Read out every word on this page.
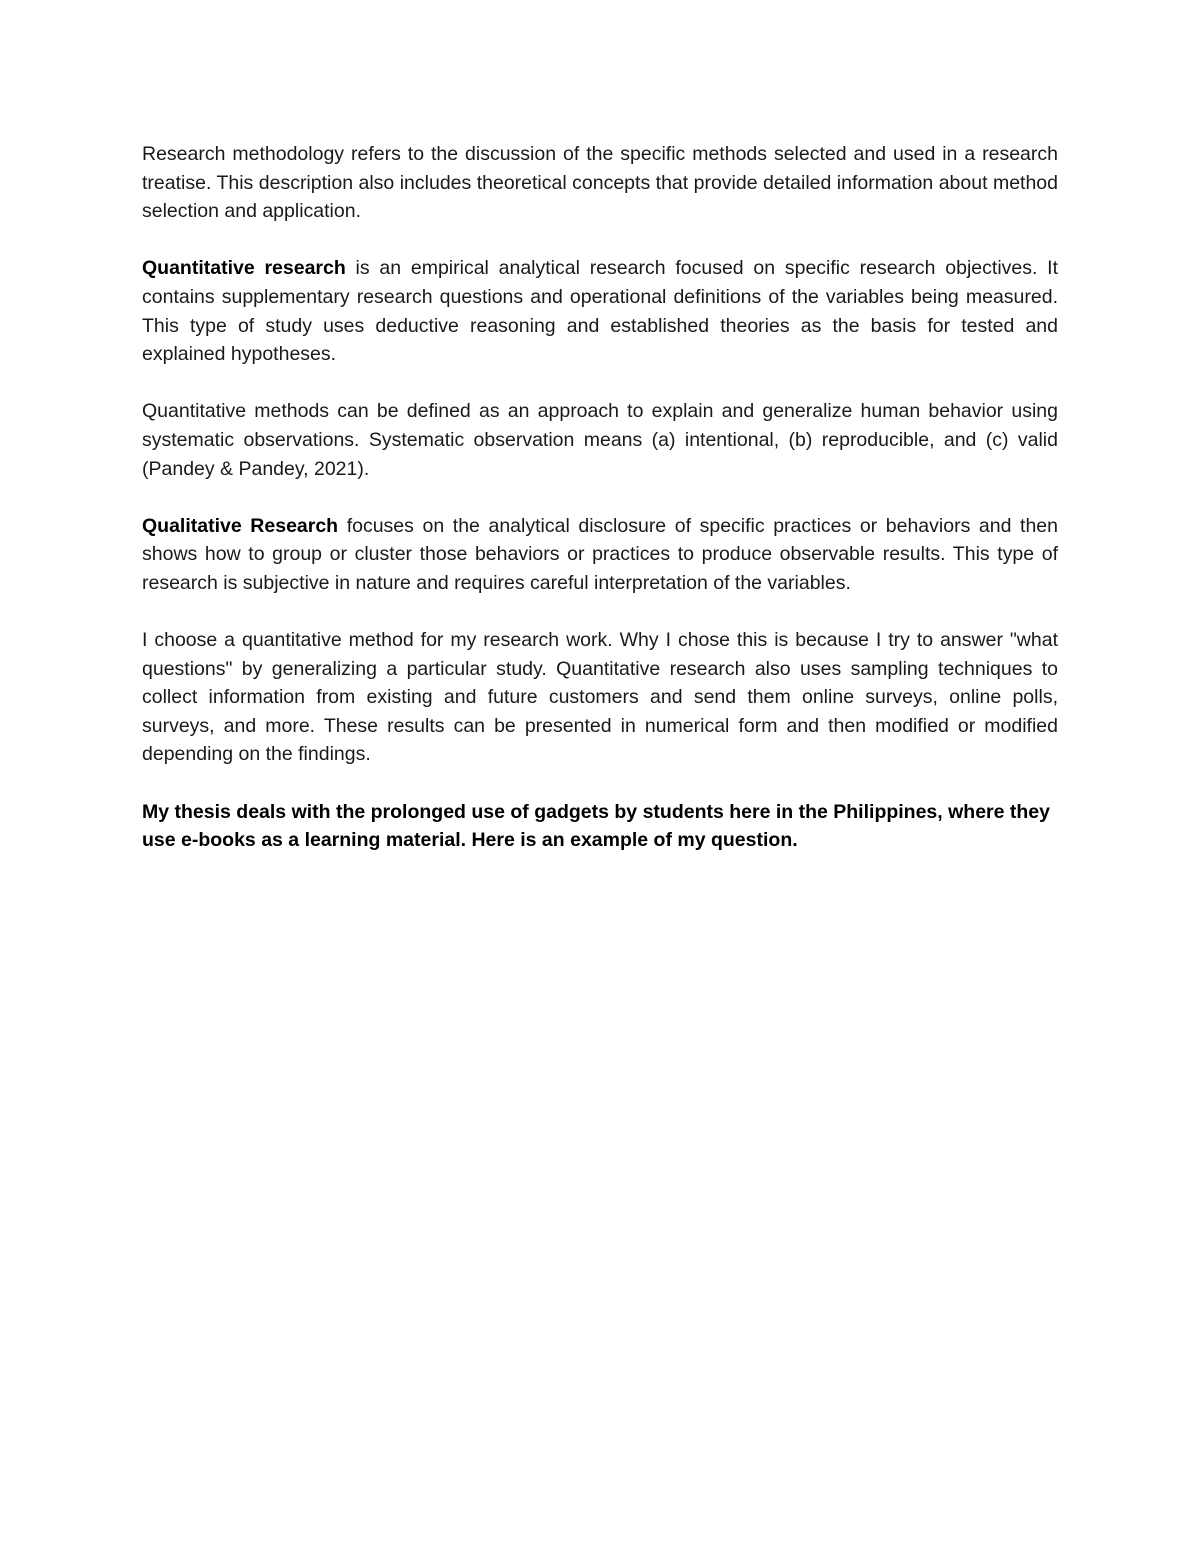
Research methodology refers to the discussion of the specific methods selected and used in a research treatise. This description also includes theoretical concepts that provide detailed information about method selection and application.

Quantitative research is an empirical analytical research focused on specific research objectives. It contains supplementary research questions and operational definitions of the variables being measured. This type of study uses deductive reasoning and established theories as the basis for tested and explained hypotheses.

Quantitative methods can be defined as an approach to explain and generalize human behavior using systematic observations. Systematic observation means (a) intentional, (b) reproducible, and (c) valid (Pandey & Pandey, 2021).

Qualitative Research focuses on the analytical disclosure of specific practices or behaviors and then shows how to group or cluster those behaviors or practices to produce observable results. This type of research is subjective in nature and requires careful interpretation of the variables.

I choose a quantitative method for my research work. Why I chose this is because I try to answer "what questions" by generalizing a particular study. Quantitative research also uses sampling techniques to collect information from existing and future customers and send them online surveys, online polls, surveys, and more. These results can be presented in numerical form and then modified or modified depending on the findings.

My thesis deals with the prolonged use of gadgets by students here in the Philippines, where they use e-books as a learning material. Here is an example of my question.
